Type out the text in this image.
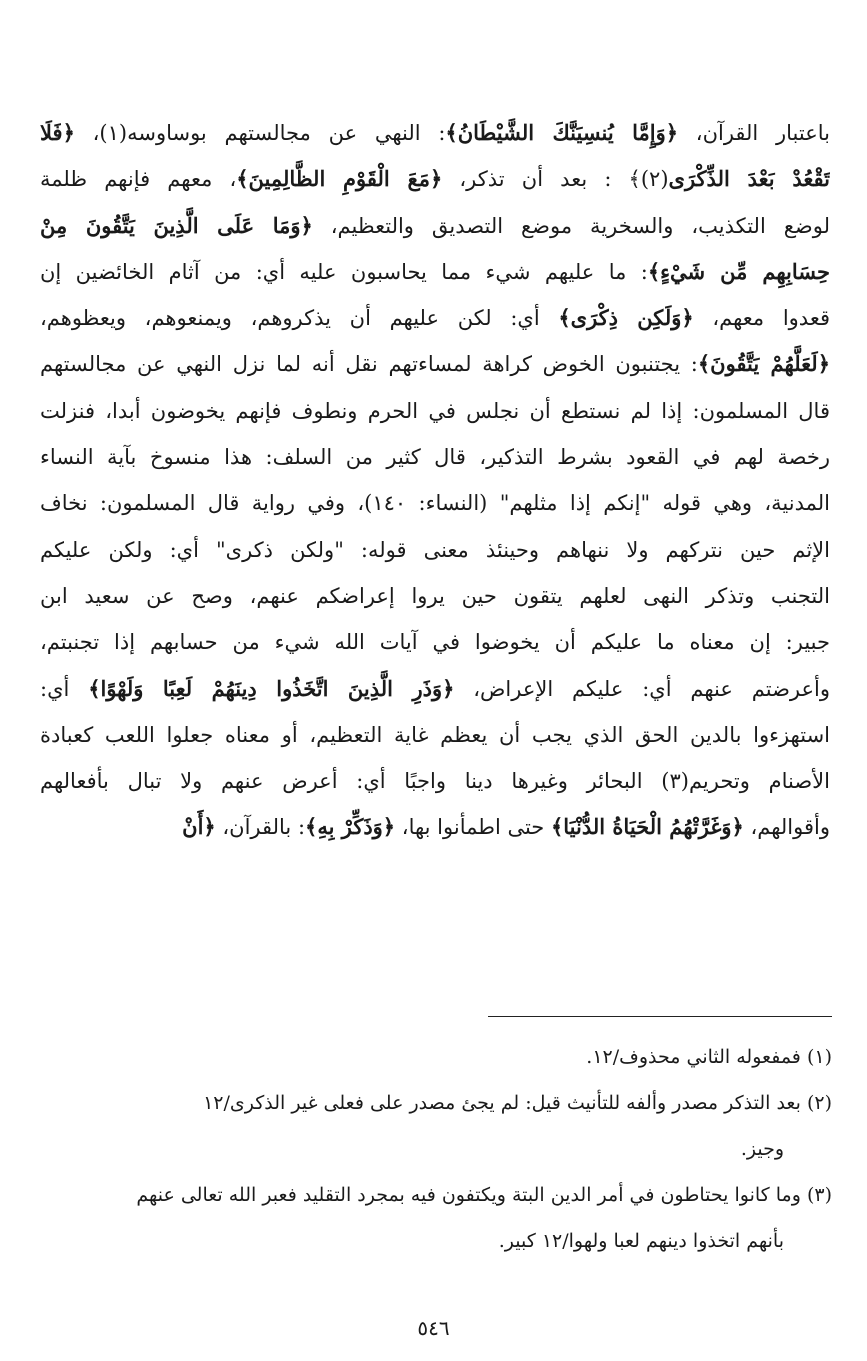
باعتبار القرآن، ﴿وَإِمَّا يُنسِيَنَّكَ الشَّيْطَانُ﴾: النهي عن مجالستهم بوساوسه(١)، ﴿فَلَا
تَقْعُدْ بَعْدَ الذِّكْرَى(٢)﴾ : بعد أن تذكر، ﴿مَعَ الْقَوْمِ الظَّالِمِينَ﴾، معهم فإنهم ظلمة
لوضع التكذيب، والسخرية موضع التصديق والتعظيم، ﴿وَمَا عَلَى الَّذِينَ يَتَّقُونَ مِنْ
حِسَابِهِم مِّن شَيْءٍ﴾: ما عليهم شيء مما يحاسبون عليه أي: من آثام الخائضين إن
قعدوا معهم، ﴿وَلَكِن ذِكْرَى﴾ أي: لكن عليهم أن يذكروهم، ويمنعوهم، ويعظوهم،
﴿لَعَلَّهُمْ يَتَّقُونَ﴾: يجتنبون الخوض كراهة لمساءتهم نقل أنه لما نزل النهي عن مجالستهم
قال المسلمون: إذا لم نستطع أن نجلس في الحرم ونطوف فإنهم يخوضون أبدا، فنزلت
رخصة لهم في القعود بشرط التذكير، قال كثير من السلف: هذا منسوخ بآية النساء
المدنية، وهي قوله "إنكم إذا مثلهم" (النساء: ١٤٠)، وفي رواية قال المسلمون: نخاف
الإثم حين نتركهم ولا ننهاهم وحينئذ معنى قوله: "ولكن ذكرى" أي: ولكن عليكم
التجنب وتذكر النهى لعلهم يتقون حين يروا إعراضكم عنهم، وصح عن سعيد ابن
جبير: إن معناه ما عليكم أن يخوضوا في آيات الله شيء من حسابهم إذا تجنبتم،
وأعرضتم عنهم أي: عليكم الإعراض، ﴿وَذَرِ الَّذِينَ اتَّخَذُوا دِينَهُمْ لَعِبًا وَلَهْوًا﴾ أي:
استهزءوا بالدين الحق الذي يجب أن يعظم غاية التعظيم، أو معناه جعلوا اللعب كعبادة
الأصنام وتحريم(٣) البحائر وغيرها دينا واجبًا أي: أعرض عنهم ولا تبال بأفعالهم
وأقوالهم، ﴿وَغَرَّتْهُمُ الْحَيَاةُ الدُّنْيَا﴾ حتى اطمأنوا بها، ﴿وَذَكِّرْ بِهِ﴾: بالقرآن، ﴿أَنْ
(١) فمفعوله الثاني محذوف/١٢.
(٢) بعد التذكر مصدر وألفه للتأنيث قيل: لم يجئ مصدر على فعلى غير الذكرى/١٢
وجيز.
(٣) وما كانوا يحتاطون في أمر الدين البتة ويكتفون فيه بمجرد التقليد فعبر الله تعالى عنهم
بأنهم اتخذوا دينهم لعبا ولهوا/١٢ كبير.
٥٤٦
